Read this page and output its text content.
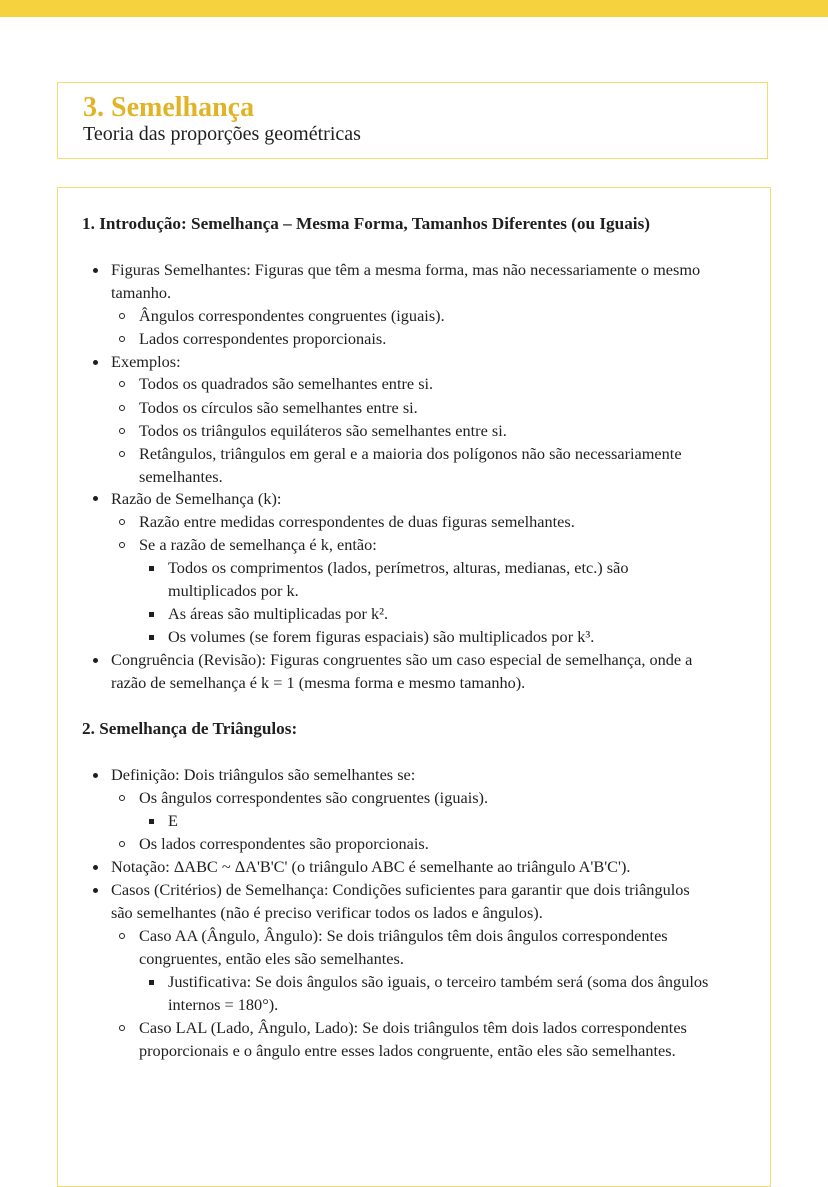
3. Semelhança

Teoria das proporções geométricas

1. Introdução: Semelhança – Mesma Forma, Tamanhos Diferentes (ou Iguais)

Figuras Semelhantes: Figuras que têm a mesma forma, mas não necessariamente o mesmo

tamanho.

Ângulos correspondentes congruentes (iguais).

Lados correspondentes proporcionais.

Exemplos:

Todos os quadrados são semelhantes entre si.

Todos os círculos são semelhantes entre si.

Todos os triângulos equiláteros são semelhantes entre si.

Retângulos, triângulos em geral e a maioria dos polígonos não são necessariamente

semelhantes.

Razão de Semelhança (k):

Razão entre medidas correspondentes de duas figuras semelhantes.

Se a razão de semelhança é k, então:

Todos os comprimentos (lados, perímetros, alturas, medianas, etc.) são

multiplicados por k.

As áreas são multiplicadas por k².

Os volumes (se forem figuras espaciais) são multiplicados por k³.

Congruência (Revisão): Figuras congruentes são um caso especial de semelhança, onde a

razão de semelhança é k = 1 (mesma forma e mesmo tamanho).

2. Semelhança de Triângulos:

Definição: Dois triângulos são semelhantes se:

Os ângulos correspondentes são congruentes (iguais).

E

Os lados correspondentes são proporcionais.

Notação: ΔABC ~ ΔA'B'C' (o triângulo ABC é semelhante ao triângulo A'B'C').

Casos (Critérios) de Semelhança: Condições suficientes para garantir que dois triângulos

são semelhantes (não é preciso verificar todos os lados e ângulos).

Caso AA (Ângulo, Ângulo): Se dois triângulos têm dois ângulos correspondentes

congruentes, então eles são semelhantes.

Justificativa: Se dois ângulos são iguais, o terceiro também será (soma dos ângulos

internos = 180°).

Caso LAL (Lado, Ângulo, Lado): Se dois triângulos têm dois lados correspondentes

proporcionais e o ângulo entre esses lados congruente, então eles são semelhantes.
